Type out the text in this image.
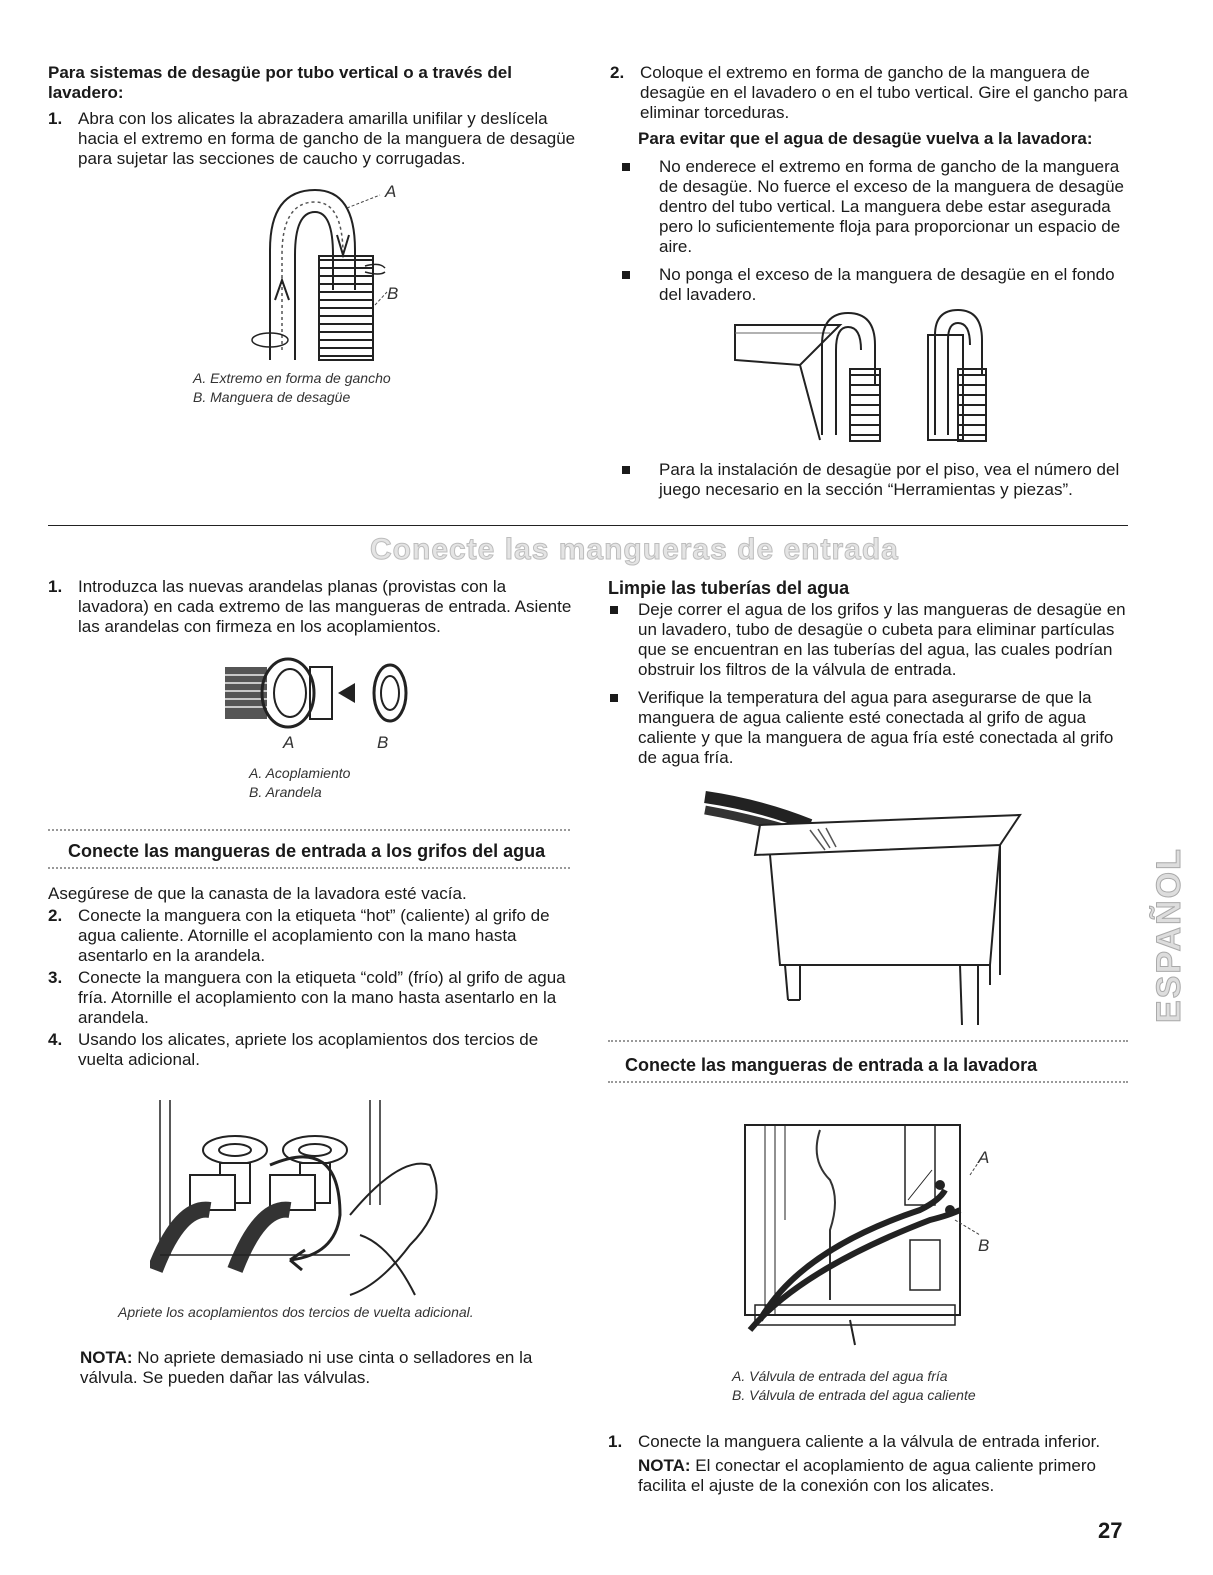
Para sistemas de desagüe por tubo vertical o a través del lavadero:

1. Abra con los alicates la abrazadera amarilla unifilar y deslícela hacia el extremo en forma de gancho de la manguera de desagüe para sujetar las secciones de caucho y corrugadas.
A
B

A. Extremo en forma de gancho

B. Manguera de desagüe

2. Coloque el extremo en forma de gancho de la manguera de desagüe en el lavadero o en el tubo vertical. Gire el gancho para eliminar torceduras.

Para evitar que el agua de desagüe vuelva a la lavadora:

No enderece el extremo en forma de gancho de la manguera de desagüe. No fuerce el exceso de la manguera de desagüe dentro del tubo vertical. La manguera debe estar asegurada pero lo suficientemente floja para proporcionar un espacio de aire.
No ponga el exceso de la manguera de desagüe en el fondo del lavadero.
Para la instalación de desagüe por el piso, vea el número del juego necesario en la sección “Herramientas y piezas”.
Conecte las mangueras de entrada
1. Introduzca las nuevas arandelas planas (provistas con la lavadora) en cada extremo de las mangueras de entrada. Asiente las arandelas con firmeza en los acoplamientos.
A	B

A. Acoplamiento

B. Arandela

Conecte las mangueras de entrada a los grifos del agua

Asegúrese de que la canasta de la lavadora esté vacía.

2. Conecte la manguera con la etiqueta “hot” (caliente) al grifo de agua caliente. Atornille el acoplamiento con la mano hasta asentarlo en la arandela.
3. Conecte la manguera con la etiqueta “cold” (frío) al grifo de agua fría. Atornille el acoplamiento con la mano hasta asentarlo en la arandela.
4. Usando los alicates, apriete los acoplamientos dos tercios de vuelta adicional.

Apriete los acoplamientos dos tercios de vuelta adicional.

NOTA: No apriete demasiado ni use cinta o selladores en la válvula. Se pueden dañar las válvulas.

Limpie las tuberías del agua

Deje correr el agua de los grifos y las mangueras de desagüe en un lavadero, tubo de desagüe o cubeta para eliminar partículas que se encuentran en las tuberías del agua, las cuales podrían obstruir los filtros de la válvula de entrada.
Verifique la temperatura del agua para asegurarse de que la manguera de agua caliente esté conectada al grifo de agua caliente y que la manguera de agua fría esté conectada al grifo de agua fría.
Conecte las mangueras de entrada a la lavadora
A
B

A. Válvula de entrada del agua fría

B. Válvula de entrada del agua caliente

1. Conecte la manguera caliente a la válvula de entrada inferior.
NOTA: El conectar el acoplamiento de agua caliente primero facilita el ajuste de la conexión con los alicates.
ESPAÑOL
27
